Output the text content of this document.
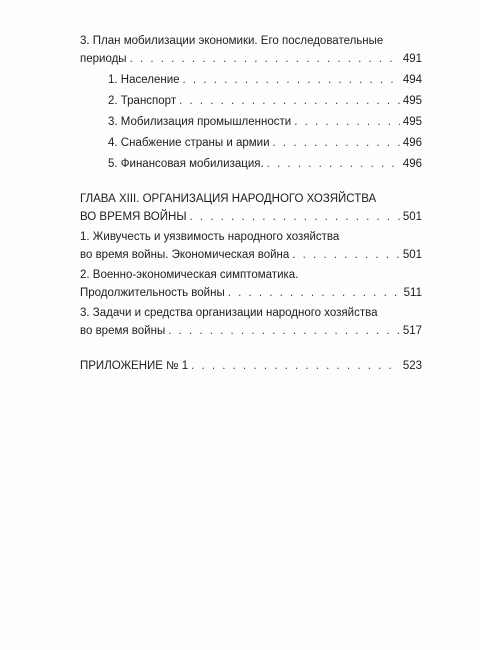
3. План мобилизации экономики. Его последовательные
периоды . . .	491
1. Население . . .	494
2. Транспорт . . .	495
3. Мобилизация промышленности . . .	495
4. Снабжение страны и армии . . .	496
5. Финансовая мобилизация. . . .	496
ГЛАВА XIII. ОРГАНИЗАЦИЯ НАРОДНОГО ХОЗЯЙСТВА
ВО ВРЕМЯ ВОЙНЫ . . .	501
1. Живучесть и уязвимость народного хозяйства
во время войны. Экономическая война . . .	501
2. Военно-экономическая симптоматика.
Продолжительность войны . . .	511
3. Задачи и средства организации народного хозяйства
во время войны . . .	517
ПРИЛОЖЕНИЕ № 1 . . .	523
